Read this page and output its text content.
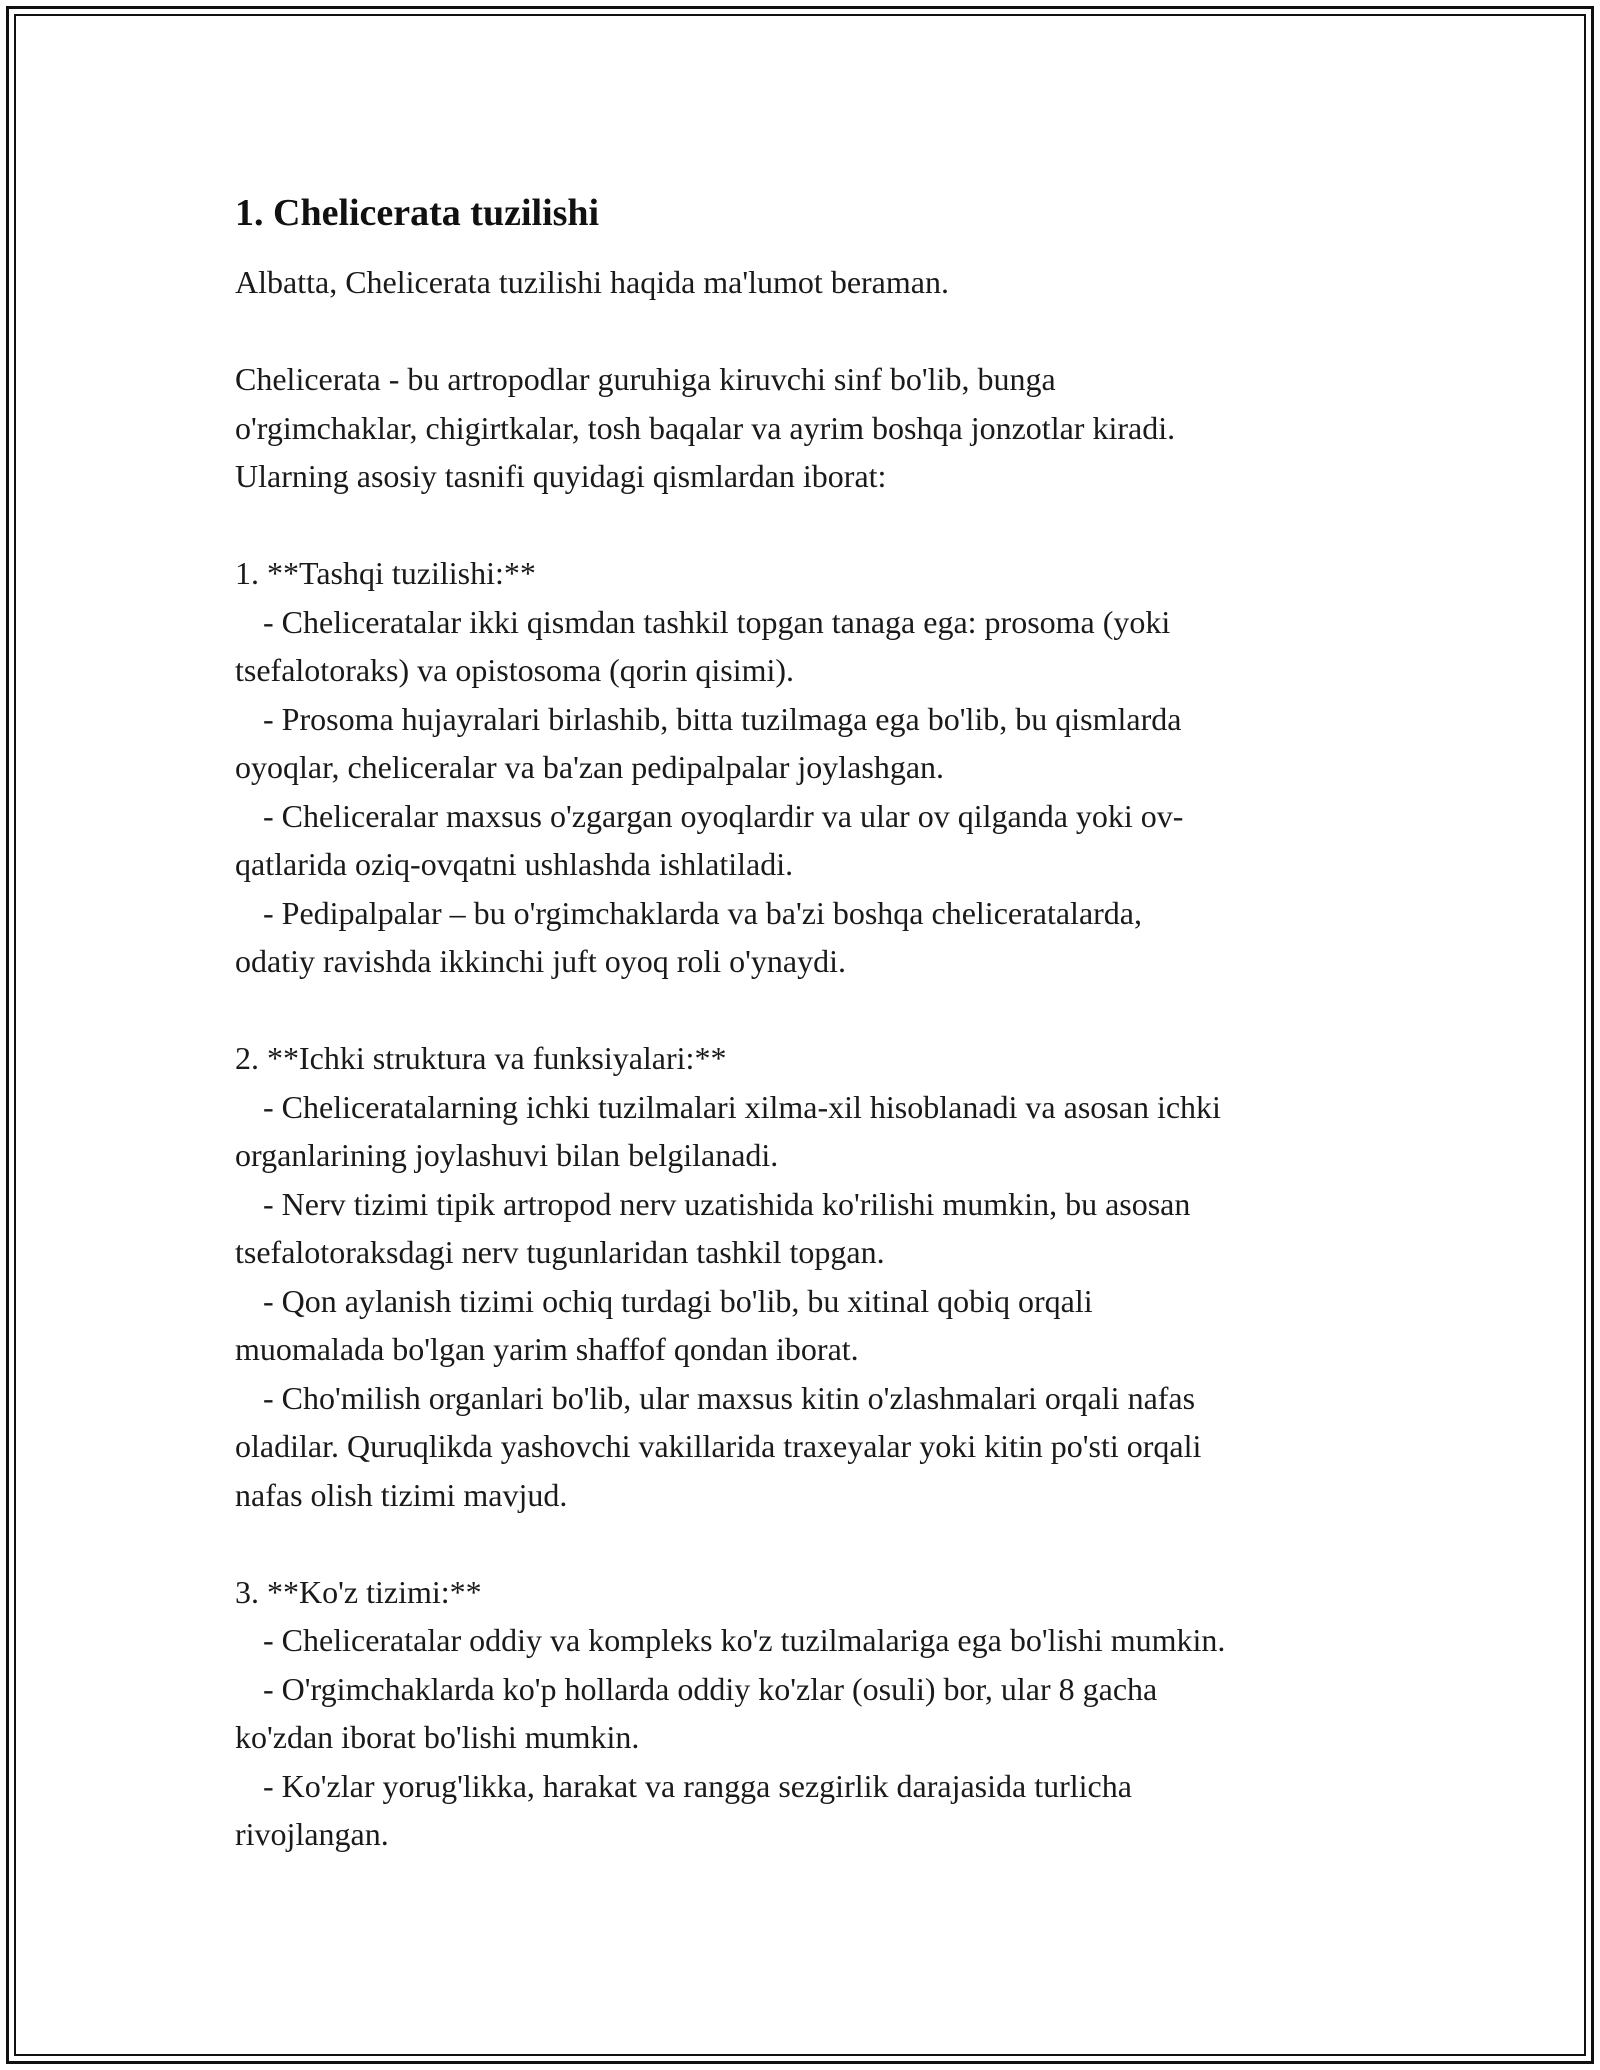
1. Chelicerata tuzilishi

Albatta, Chelicerata tuzilishi haqida ma'lumot beraman.

Chelicerata - bu artropodlar guruhiga kiruvchi sinf bo'lib, bunga

o'rgimchaklar, chigirtkalar, tosh baqalar va ayrim boshqa jonzotlar kiradi.

Ularning asosiy tasnifi quyidagi qismlardan iborat:

1. **Tashqi tuzilishi:**

- Cheliceratalar ikki qismdan tashkil topgan tanaga ega: prosoma (yoki

tsefalotoraks) va opistosoma (qorin qisimi).

- Prosoma hujayralari birlashib, bitta tuzilmaga ega bo'lib, bu qismlarda

oyoqlar, cheliceralar va ba'zan pedipalpalar joylashgan.

- Cheliceralar maxsus o'zgargan oyoqlardir va ular ov qilganda yoki ov-

qatlarida oziq-ovqatni ushlashda ishlatiladi.

- Pedipalpalar – bu o'rgimchaklarda va ba'zi boshqa cheliceratalarda,

odatiy ravishda ikkinchi juft oyoq roli o'ynaydi.

2. **Ichki struktura va funksiyalari:**

- Cheliceratalarning ichki tuzilmalari xilma-xil hisoblanadi va asosan ichki

organlarining joylashuvi bilan belgilanadi.

- Nerv tizimi tipik artropod nerv uzatishida ko'rilishi mumkin, bu asosan

tsefalotoraksdagi nerv tugunlaridan tashkil topgan.

- Qon aylanish tizimi ochiq turdagi bo'lib, bu xitinal qobiq orqali

muomalada bo'lgan yarim shaffof qondan iborat.

- Cho'milish organlari bo'lib, ular maxsus kitin o'zlashmalari orqali nafas

oladilar. Quruqlikda yashovchi vakillarida traxeyalar yoki kitin po'sti orqali

nafas olish tizimi mavjud.

3. **Ko'z tizimi:**

- Cheliceratalar oddiy va kompleks ko'z tuzilmalariga ega bo'lishi mumkin.

- O'rgimchaklarda ko'p hollarda oddiy ko'zlar (osuli) bor, ular 8 gacha

ko'zdan iborat bo'lishi mumkin.

- Ko'zlar yorug'likka, harakat va rangga sezgirlik darajasida turlicha

rivojlangan.
